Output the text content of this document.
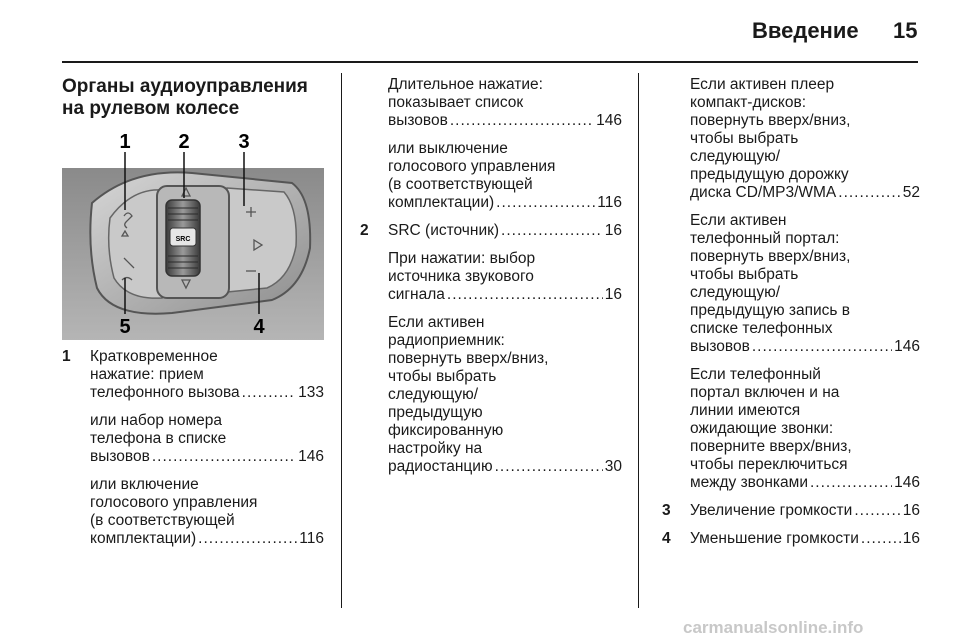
Введение 15
Органы аудиоуправления на рулевом колесе
SRC
1 2 3
5	4
1 Кратковременное
нажатие: прием
телефонного вызова .....	133
или набор номера
телефона в списке
вызовов .....	146
или включение
голосового управления
(в соответствующей
комплектации) .....	116
Длительное нажатие:
показывает список
вызовов .....	146
или выключение
голосового управления
(в соответствующей
комплектации) .....	116
2 SRC (источник) .....	16
При нажатии: выбор
источника звукового
сигнала .....	16
Если активен
радиоприемник:
повернуть вверх/вниз,
чтобы выбрать
следующую/
предыдущую
фиксированную
настройку на
радиостанцию .....	30
Если активен плеер
компакт-дисков:
повернуть вверх/вниз,
чтобы выбрать
следующую/
предыдущую дорожку
диска CD/MP3/WMA .....	52
Если активен
телефонный портал:
повернуть вверх/вниз,
чтобы выбрать
следующую/
предыдущую запись в
списке телефонных
вызовов .....	146
Если телефонный
портал включен и на
линии имеются
ожидающие звонки:
поверните вверх/вниз,
чтобы переключиться
между звонками .....	146
3 Увеличение громкости .....	16
4 Уменьшение громкости .....	16
carmanualsonline.info
